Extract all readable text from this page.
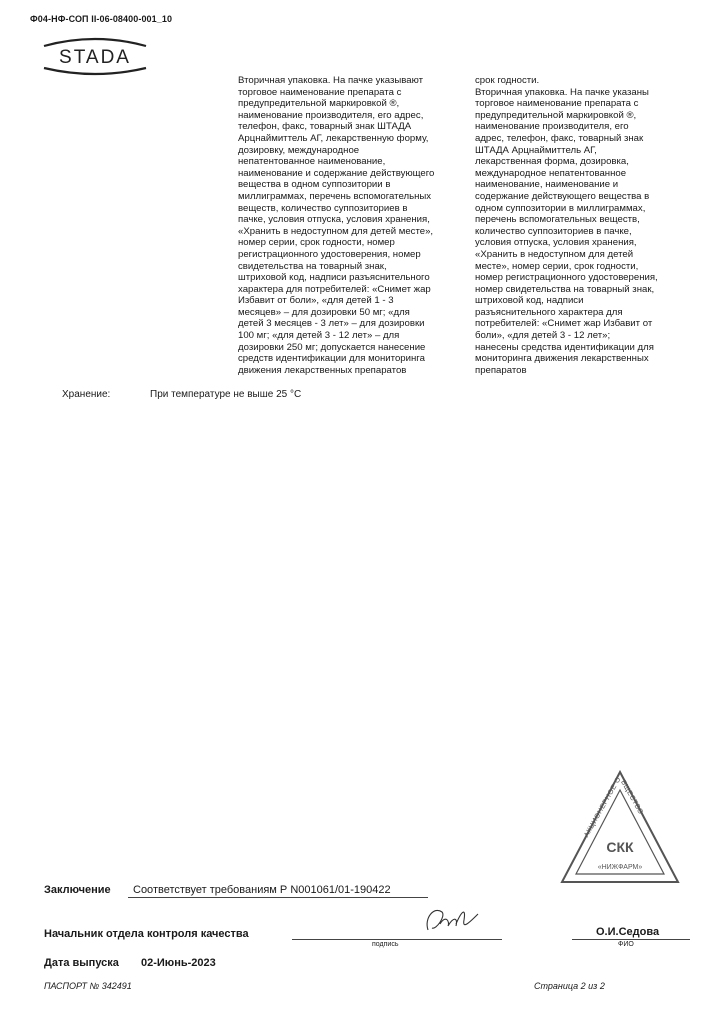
Ф04-НФ-СОП II-06-08400-001_10
STADA
Вторичная упаковка. На пачке указывают
торговое наименование препарата с
предупредительной маркировкой ®,
наименование производителя, его адрес,
телефон, факс, товарный знак ШТАДА
Арцнаймиттель АГ, лекарственную форму,
дозировку, международное
непатентованное наименование,
наименование и содержание действующего
вещества в одном суппозитории в
миллиграммах, перечень вспомогательных
веществ, количество суппозиториев в
пачке, условия отпуска, условия хранения,
«Хранить в недоступном для детей месте»,
номер серии, срок годности, номер
регистрационного удостоверения, номер
свидетельства на товарный знак,
штриховой код, надписи разъяснительного
характера для потребителей: «Снимет жар
Избавит от боли», «для детей 1 - 3
месяцев» – для дозировки 50 мг; «для
детей 3 месяцев - 3 лет» – для дозировки
100 мг; «для детей 3 - 12 лет» – для
дозировки 250 мг; допускается нанесение
средств идентификации для мониторинга
движения лекарственных препаратов
срок годности.
Вторичная упаковка. На пачке указаны
торговое наименование препарата с
предупредительной маркировкой ®,
наименование производителя, его
адрес, телефон, факс, товарный знак
ШТАДА Арцнаймиттель АГ,
лекарственная форма, дозировка,
международное непатентованное
наименование, наименование и
содержание действующего вещества в
одном суппозитории в миллиграммах,
перечень вспомогательных веществ,
количество суппозиториев в пачке,
условия отпуска, условия хранения,
«Хранить в недоступном для детей
месте», номер серии, срок годности,
номер регистрационного удостоверения,
номер свидетельства на товарный знак,
штриховой код, надписи
разъяснительного характера для
потребителей: «Снимет жар Избавит от
боли», «для детей 3 - 12 лет»;
нанесены средства идентификации для
мониторинга движения лекарственных
препаратов
Хранение:	При температуре не выше 25 °С
АКЦИОНЕРНОЕ ОБЩЕСТВО
СКК
«НИЖФАРМ»
Заключение Соответствует требованиям Р N001061/01-190422
Начальник отдела контроля качества
подпись
О.И.Седова
ФИО
Дата выпуска 02-Июнь-2023
ПАСПОРТ № 342491	Страница 2 из 2
